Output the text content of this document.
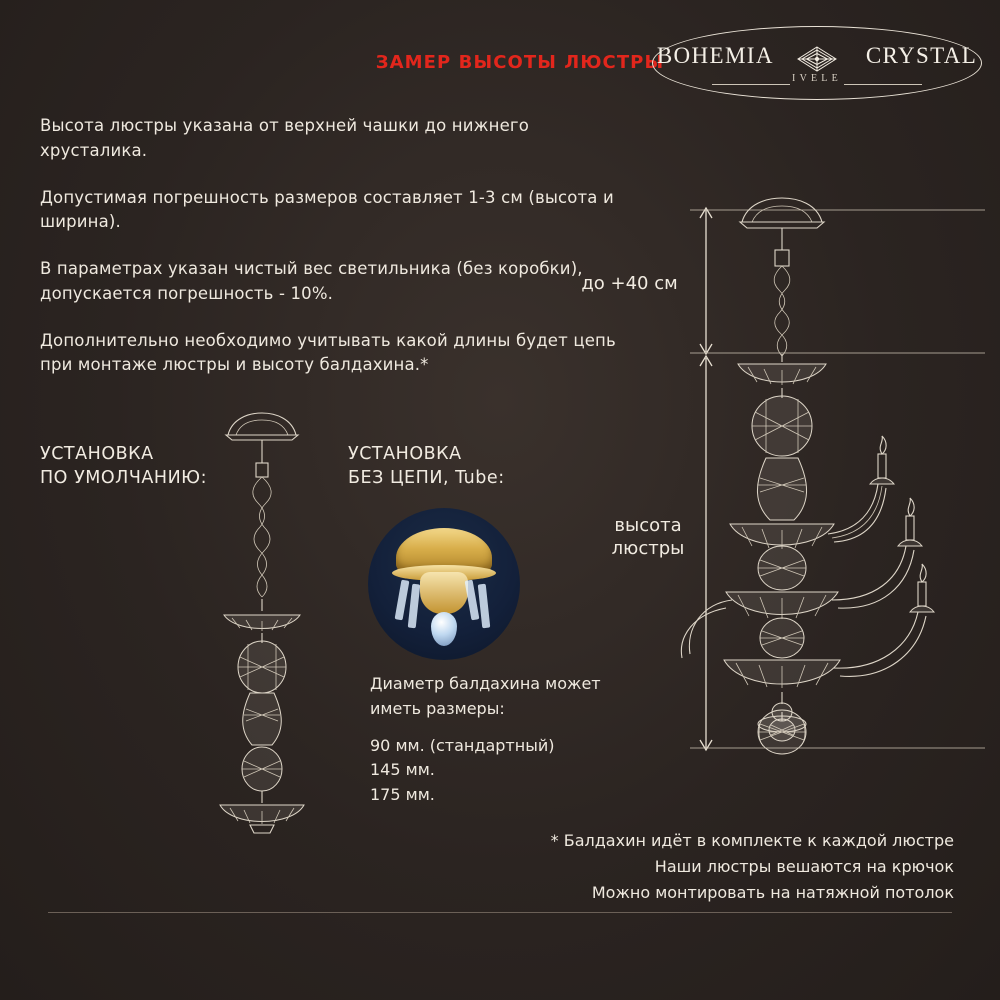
ЗАМЕР ВЫСОТЫ ЛЮСТРЫ
BOHEMIA	CRYSTAL
IVELE

Высота люстры указана от верхней чашки до нижнего хрусталика.

Допустимая погрешность размеров составляет 1-3 см (высота и ширина).

В параметрах указан чистый вес светильника (без коробки), допускается погрешность - 10%.

Дополнительно необходимо учитывать какой длины будет цепь при монтаже люстры и высоту балдахина.*

УСТАНОВКА
ПО УМОЛЧАНИЮ:
УСТАНОВКА
БЕЗ ЦЕПИ, Tube:
Диаметр балдахина может
иметь размеры:
90 мм. (стандартный)
145 мм.
175 мм.
* Балдахин идёт в комплекте к каждой люстре
Наши люстры вешаются на крючок
Можно монтировать на натяжной потолок
до +40 см
высота
люстры
